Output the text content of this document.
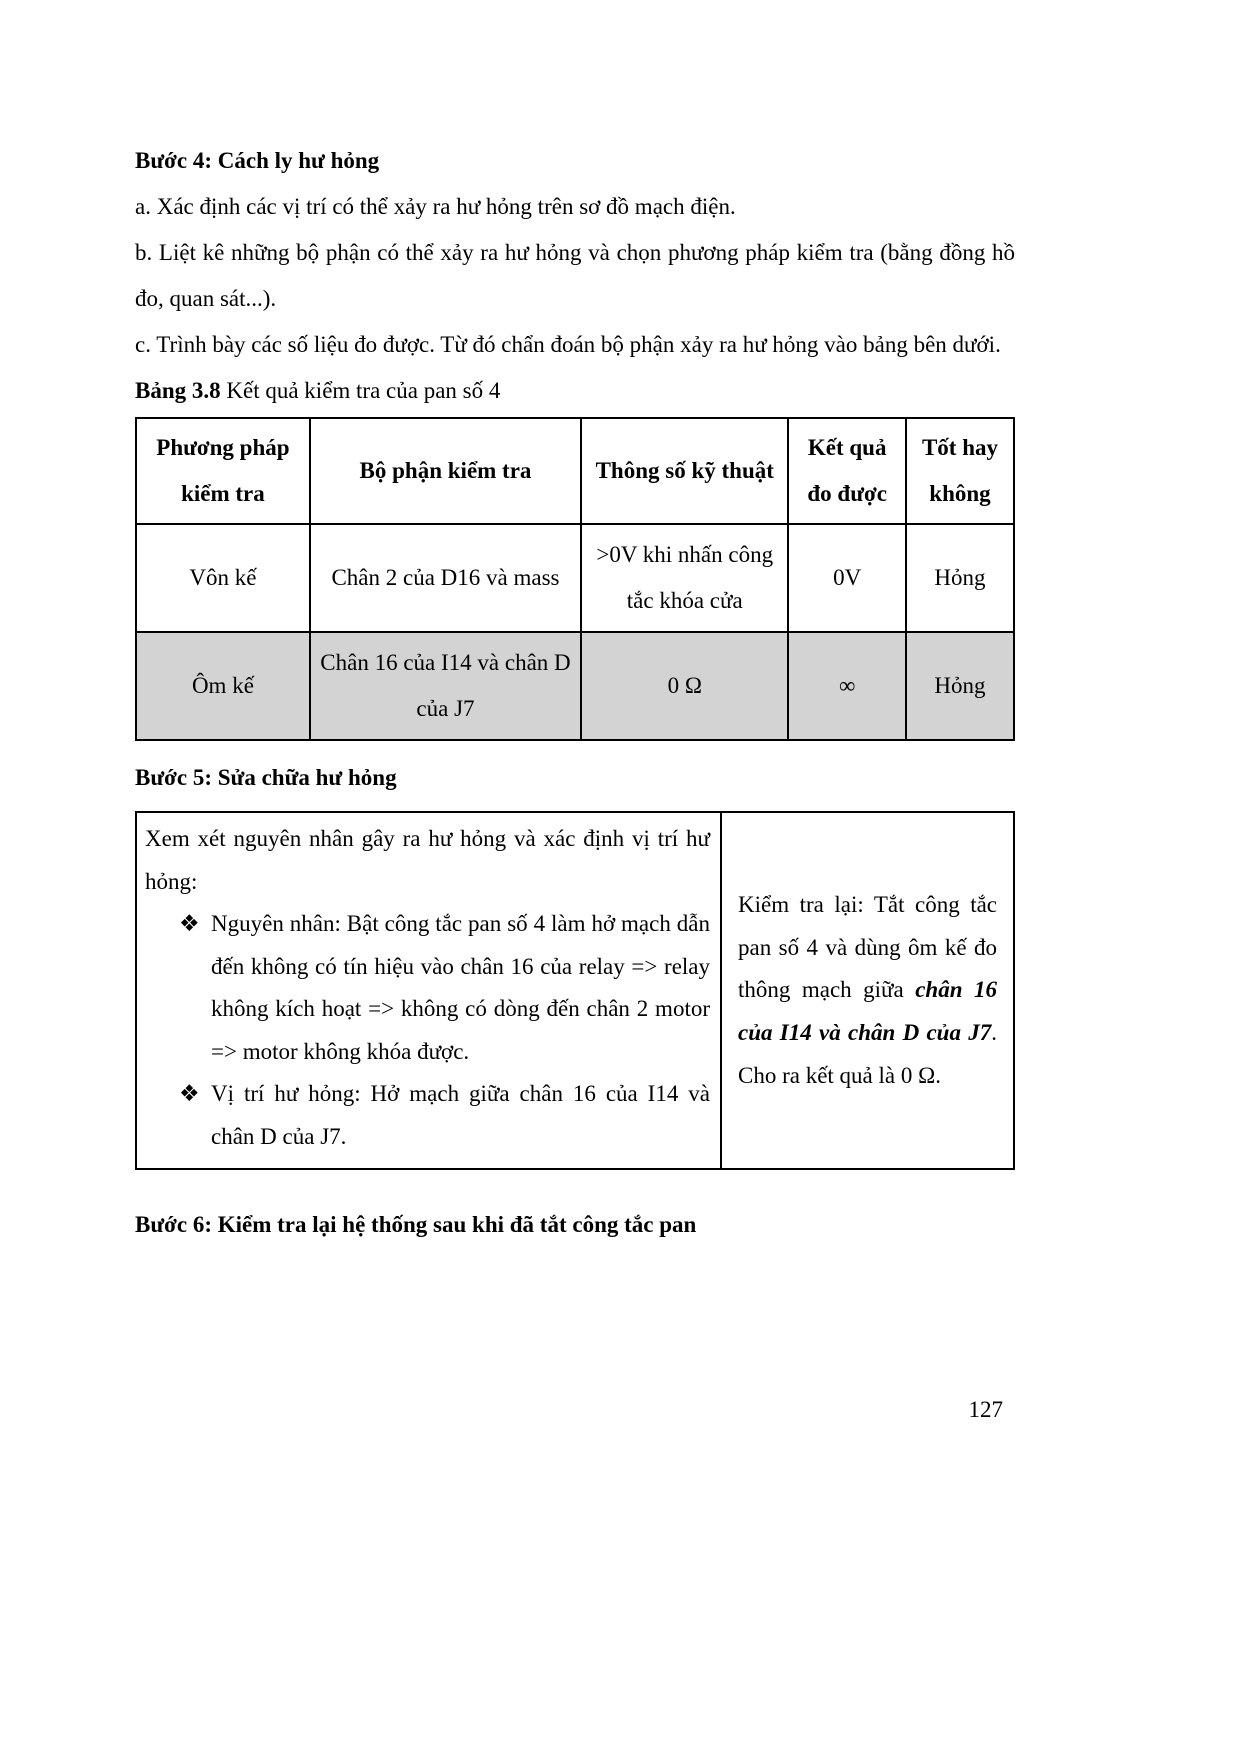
Bước 4: Cách ly hư hỏng

a. Xác định các vị trí có thể xảy ra hư hỏng trên sơ đồ mạch điện.

b. Liệt kê những bộ phận có thể xảy ra hư hỏng và chọn phương pháp kiểm tra (bằng đồng hồ đo, quan sát...).

c. Trình bày các số liệu đo được. Từ đó chẩn đoán bộ phận xảy ra hư hỏng vào bảng bên dưới.

Bảng 3.8 Kết quả kiểm tra của pan số 4

Phương pháp kiểm tra	Bộ phận kiểm tra	Thông số kỹ thuật	Kết quả đo được	Tốt hay không
Vôn kế	Chân 2 của D16 và mass	>0V khi nhấn công tắc khóa cửa	0V	Hỏng
Ôm kế	Chân 16 của I14 và chân D của J7	0 Ω	∞	Hỏng

Bước 5: Sửa chữa hư hỏng

Xem xét nguyên nhân gây ra hư hỏng và xác định vị trí hư hỏng:

❖ Nguyên nhân: Bật công tắc pan số 4 làm hở mạch dẫn đến không có tín hiệu vào chân 16 của relay => relay không kích hoạt => không có dòng đến chân 2 motor => motor không khóa được.
❖ Vị trí hư hỏng: Hở mạch giữa chân 16 của I14 và chân D của J7.

Kiểm tra lại: Tắt công tắc pan số 4 và dùng ôm kế đo thông mạch giữa chân 16 của I14 và chân D của J7. Cho ra kết quả là 0 Ω.

Bước 6: Kiểm tra lại hệ thống sau khi đã tắt công tắc pan

127
